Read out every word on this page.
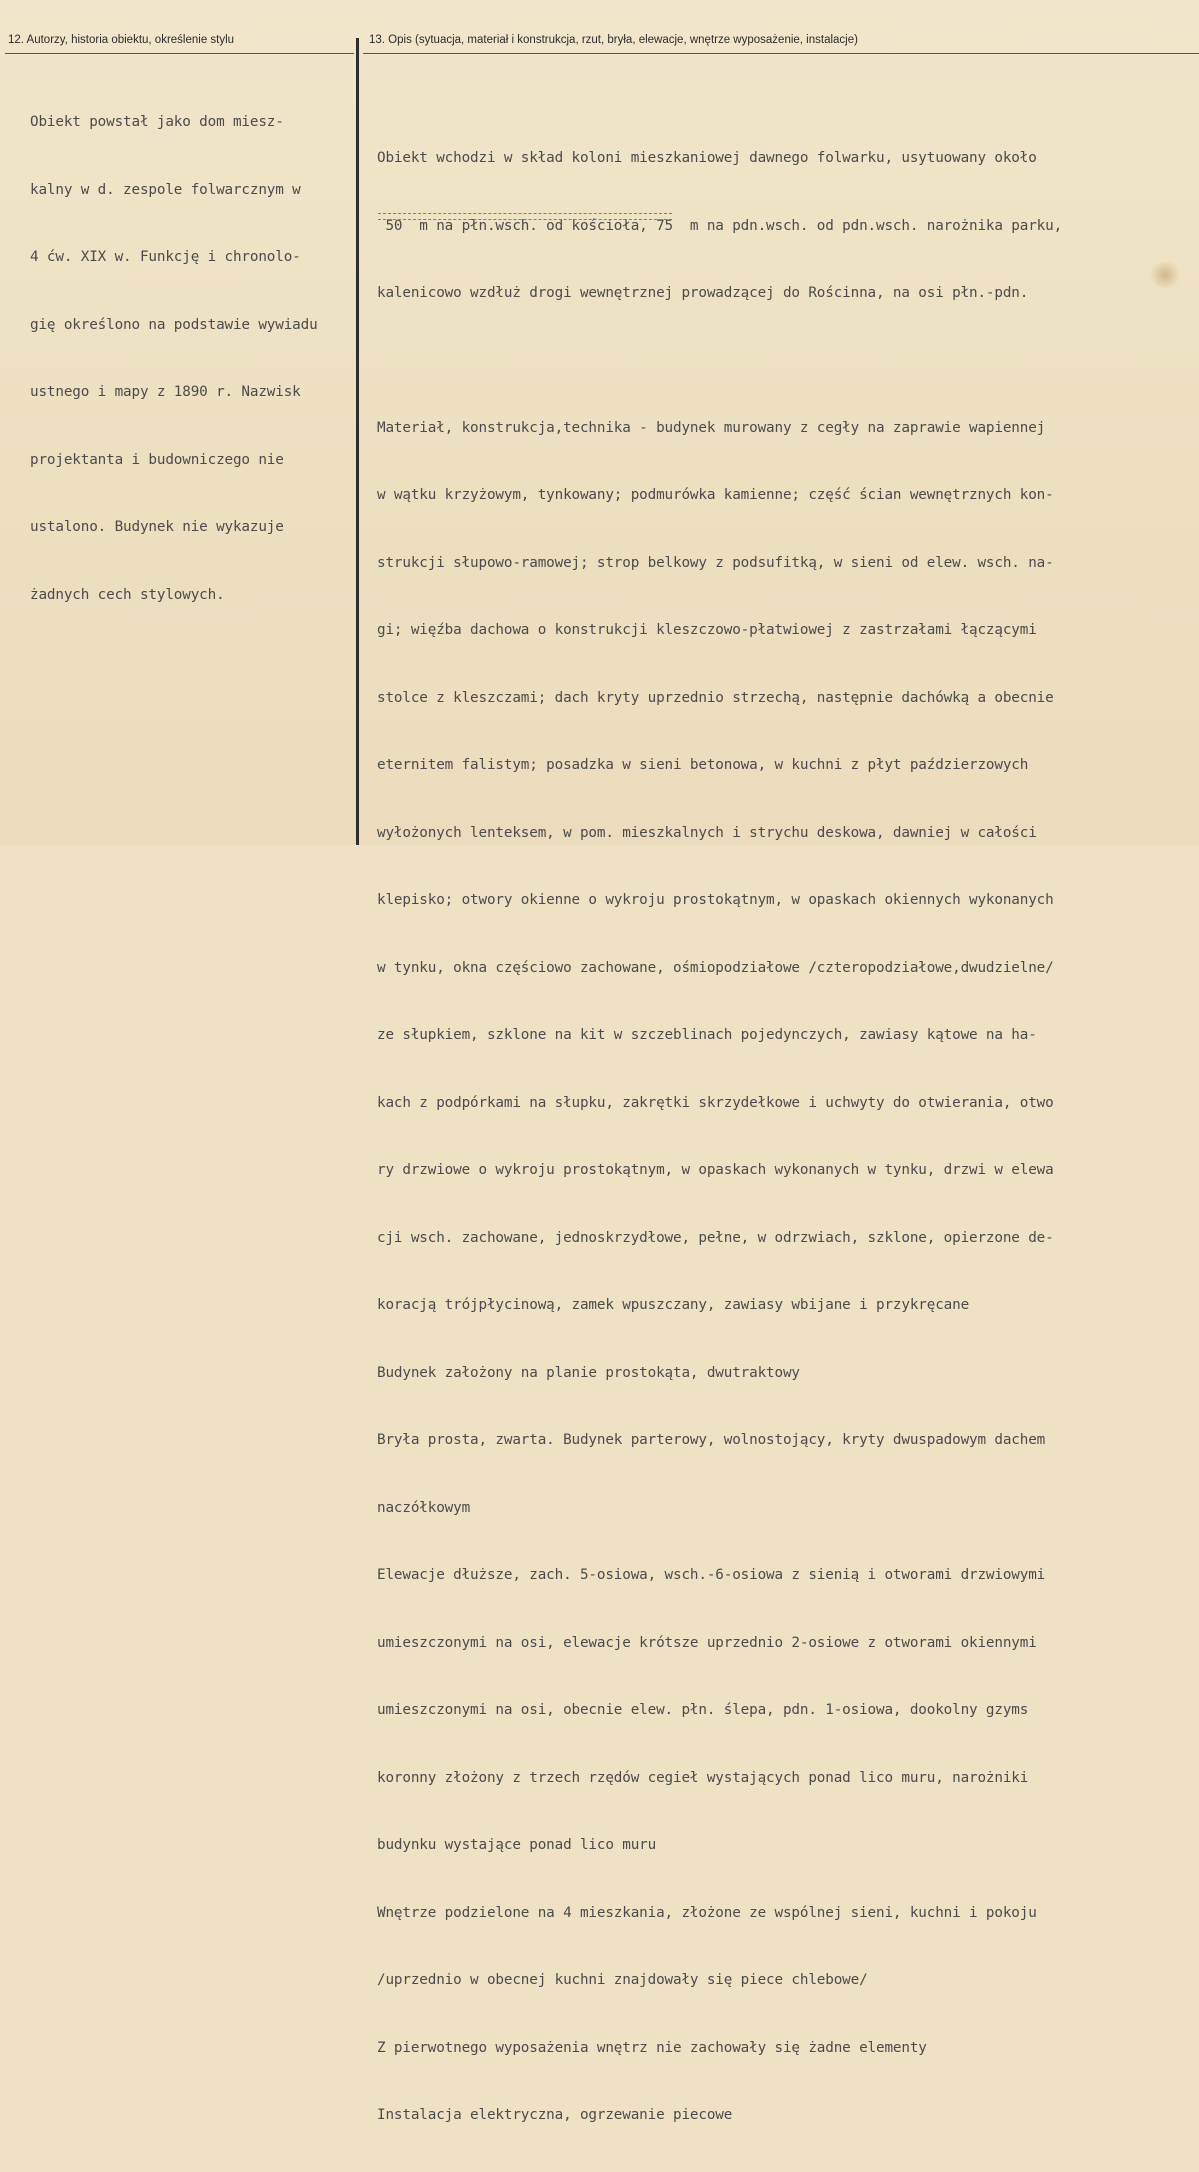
12. Autorzy, historia obiektu, określenie stylu	13. Opis (sytuacja, materiał i konstrukcja, rzut, bryła, elewacje, wnętrze wyposażenie, instalacje)

Obiekt powstał jako dom miesz-

kalny w d. zespole folwarcznym w

4 ćw. XIX w. Funkcję i chronolo-

gię określono na podstawie wywiadu

ustnego i mapy z 1890 r. Nazwisk

projektanta i budowniczego nie

ustalono. Budynek nie wykazuje

żadnych cech stylowych.

Obiekt wchodzi w skład koloni mieszkaniowej dawnego folwarku, usytuowany około

50  m na płn.wsch. od kościoła, 75  m na pdn.wsch. od pdn.wsch. narożnika parku,

kalenicowo wzdłuż drogi wewnętrznej prowadzącej do Rościnna, na osi płn.-pdn.

Materiał, konstrukcja,technika - budynek murowany z cegły na zaprawie wapiennej

w wątku krzyżowym, tynkowany; podmurówka kamienne; część ścian wewnętrznych kon-

strukcji słupowo-ramowej; strop belkowy z podsufitką, w sieni od elew. wsch. na-

gi; więźba dachowa o konstrukcji kleszczowo-płatwiowej z zastrzałami łączącymi

stolce z kleszczami; dach kryty uprzednio strzechą, następnie dachówką a obecnie

eternitem falistym; posadzka w sieni betonowa, w kuchni z płyt paździerzowych

wyłożonych lenteksem, w pom. mieszkalnych i strychu deskowa, dawniej w całości

klepisko; otwory okienne o wykroju prostokątnym, w opaskach okiennych wykonanych

w tynku, okna częściowo zachowane, ośmiopodziałowe /czteropodziałowe,dwudzielne/

ze słupkiem, szklone na kit w szczeblinach pojedynczych, zawiasy kątowe na ha-

kach z podpórkami na słupku, zakrętki skrzydełkowe i uchwyty do otwierania, otwo

ry drzwiowe o wykroju prostokątnym, w opaskach wykonanych w tynku, drzwi w elewa

cji wsch. zachowane, jednoskrzydłowe, pełne, w odrzwiach, szklone, opierzone de-

koracją trójpłycinową, zamek wpuszczany, zawiasy wbijane i przykręcane

Budynek założony na planie prostokąta, dwutraktowy

Bryła prosta, zwarta. Budynek parterowy, wolnostojący, kryty dwuspadowym dachem

naczółkowym

Elewacje dłuższe, zach. 5-osiowa, wsch.-6-osiowa z sienią i otworami drzwiowymi

umieszczonymi na osi, elewacje krótsze uprzednio 2-osiowe z otworami okiennymi

umieszczonymi na osi, obecnie elew. płn. ślepa, pdn. 1-osiowa, dookolny gzyms

koronny złożony z trzech rzędów cegieł wystających ponad lico muru, narożniki

budynku wystające ponad lico muru

Wnętrze podzielone na 4 mieszkania, złożone ze wspólnej sieni, kuchni i pokoju

/uprzednio w obecnej kuchni znajdowały się piece chlebowe/

Z pierwotnego wyposażenia wnętrz nie zachowały się żadne elementy

Instalacja elektryczna, ogrzewanie piecowe
